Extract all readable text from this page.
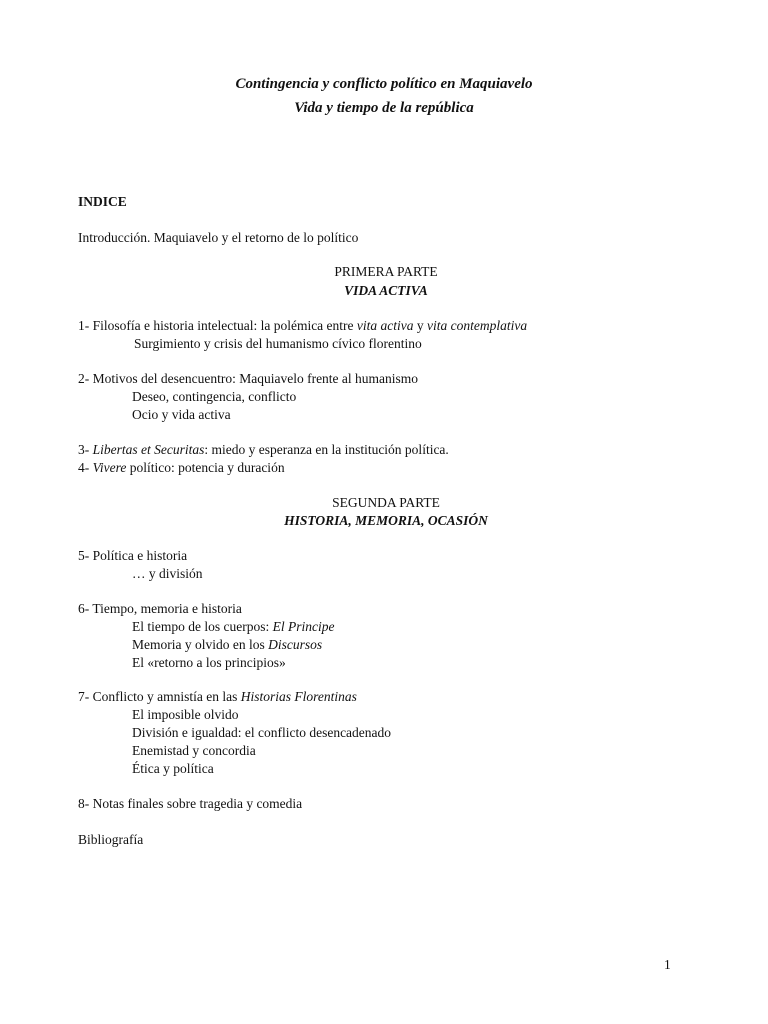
Contingencia y conflicto político en Maquiavelo
Vida y tiempo de la república
INDICE
Introducción. Maquiavelo y el retorno de lo político
PRIMERA PARTE
VIDA ACTIVA
1- Filosofía e historia intelectual: la polémica entre vita activa y vita contemplativa
Surgimiento y crisis del humanismo cívico florentino
2- Motivos del desencuentro: Maquiavelo frente al humanismo
Deseo, contingencia, conflicto
Ocio y vida activa
3- Libertas et Securitas: miedo y esperanza en la institución política.
4- Vivere político: potencia y duración
SEGUNDA PARTE
HISTORIA, MEMORIA, OCASIÓN
5- Política e historia
… y división
6- Tiempo, memoria e historia
El tiempo de los cuerpos: El Principe
Memoria y olvido en los Discursos
El «retorno a los principios»
7- Conflicto y amnistía en las Historias Florentinas
El imposible olvido
División e igualdad: el conflicto desencadenado
Enemistad y concordia
Ética y política
8- Notas finales sobre tragedia y comedia
Bibliografía
1
